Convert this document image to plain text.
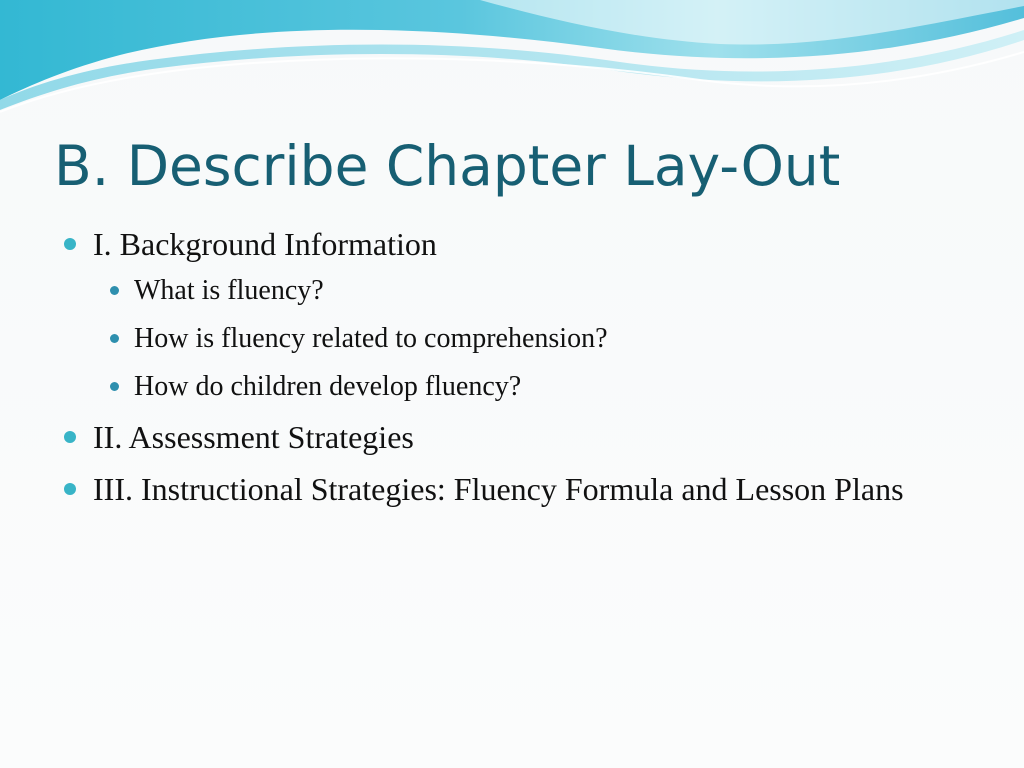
B. Describe Chapter Lay-Out
I. Background Information
What is fluency?
How is fluency related to comprehension?
How do children develop fluency?
II. Assessment Strategies
III. Instructional Strategies: Fluency Formula and Lesson Plans
